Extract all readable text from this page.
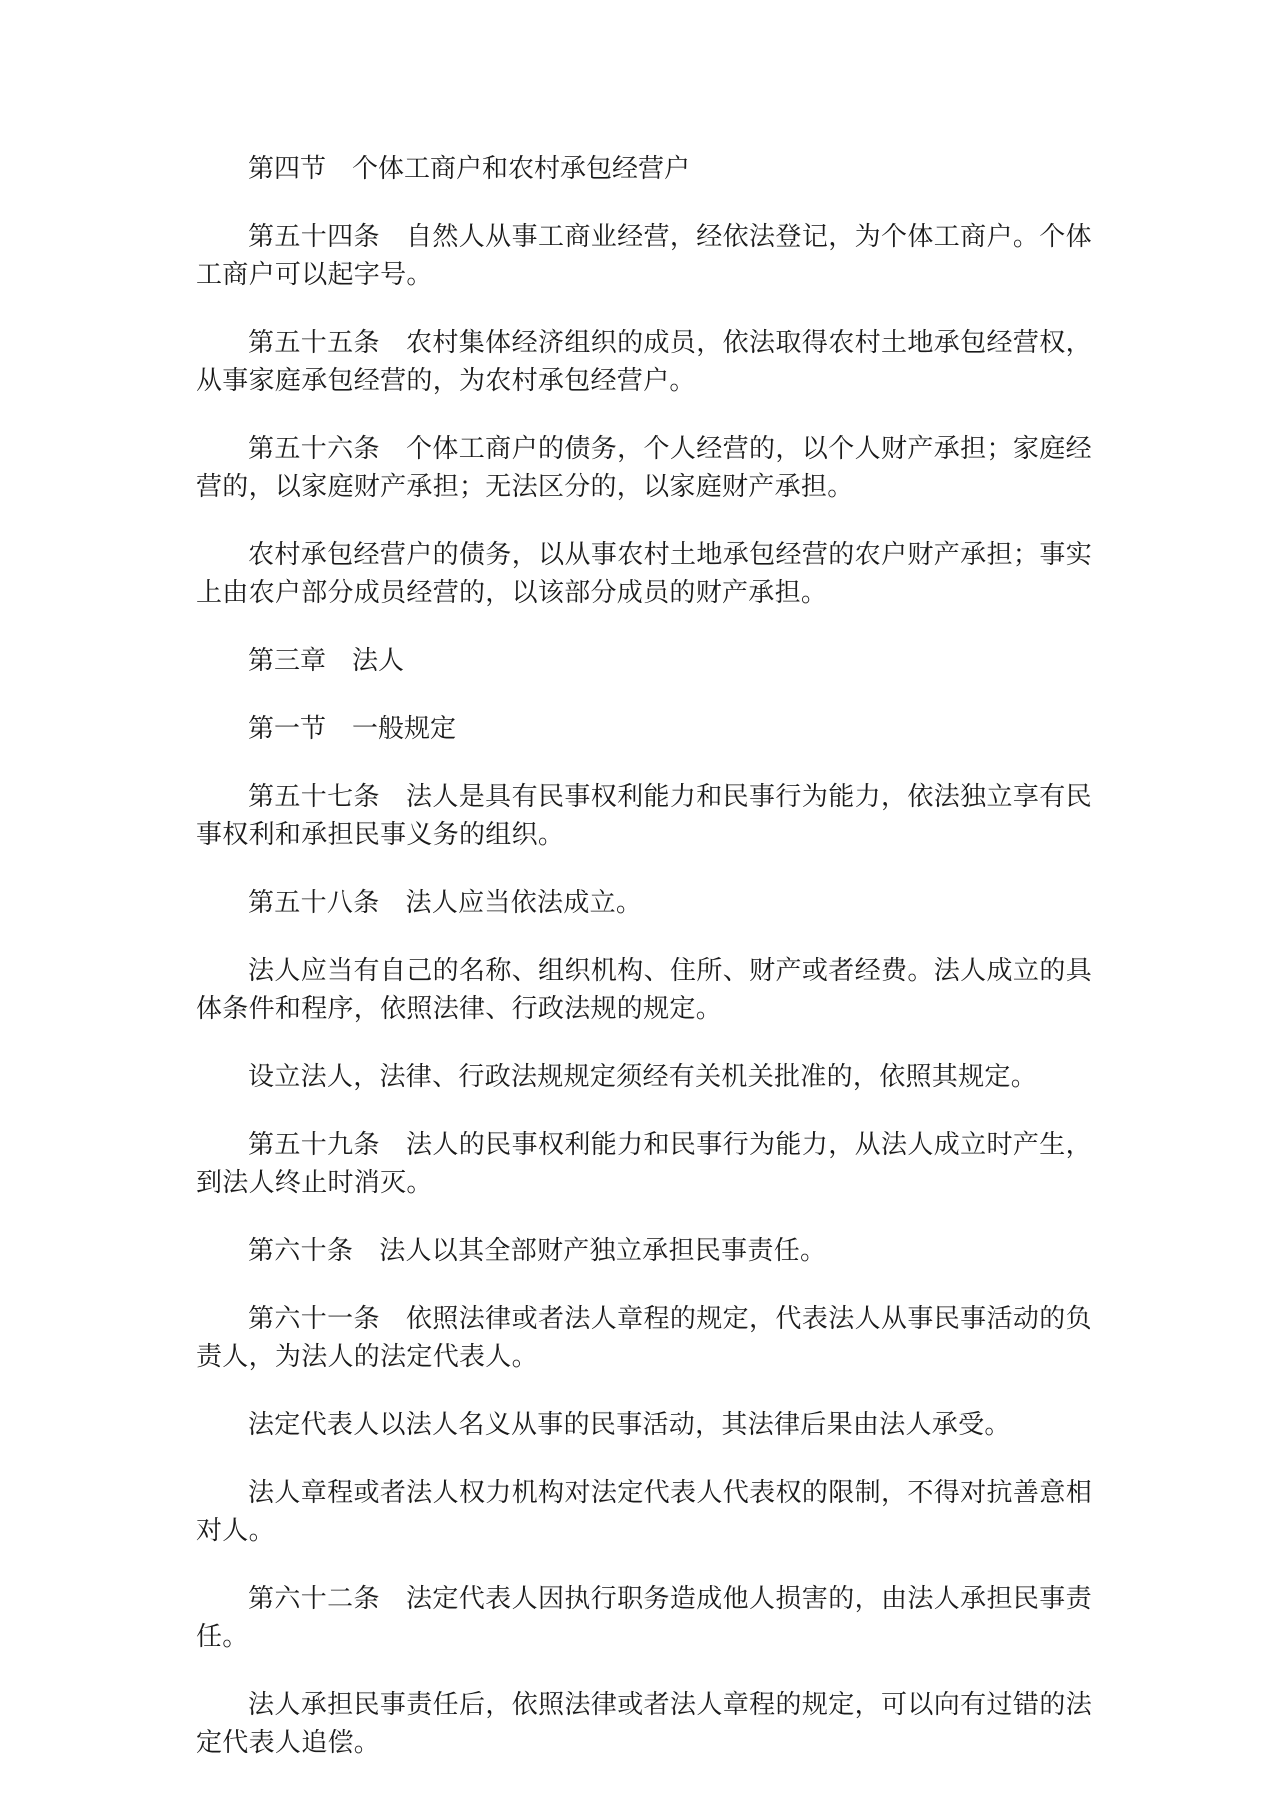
第四节 个体工商户和农村承包经营户

第五十四条 自然人从事工商业经营，经依法登记，为个体工商户。个体工商户可以起字号。

第五十五条 农村集体经济组织的成员，依法取得农村土地承包经营权，从事家庭承包经营的，为农村承包经营户。

第五十六条 个体工商户的债务，个人经营的，以个人财产承担；家庭经营的，以家庭财产承担；无法区分的，以家庭财产承担。

农村承包经营户的债务，以从事农村土地承包经营的农户财产承担；事实上由农户部分成员经营的，以该部分成员的财产承担。

第三章 法人

第一节 一般规定

第五十七条 法人是具有民事权利能力和民事行为能力，依法独立享有民事权利和承担民事义务的组织。

第五十八条 法人应当依法成立。

法人应当有自己的名称、组织机构、住所、财产或者经费。法人成立的具体条件和程序，依照法律、行政法规的规定。

设立法人，法律、行政法规规定须经有关机关批准的，依照其规定。

第五十九条 法人的民事权利能力和民事行为能力，从法人成立时产生，到法人终止时消灭。

第六十条 法人以其全部财产独立承担民事责任。

第六十一条 依照法律或者法人章程的规定，代表法人从事民事活动的负责人，为法人的法定代表人。

法定代表人以法人名义从事的民事活动，其法律后果由法人承受。

法人章程或者法人权力机构对法定代表人代表权的限制，不得对抗善意相对人。

第六十二条 法定代表人因执行职务造成他人损害的，由法人承担民事责任。

法人承担民事责任后，依照法律或者法人章程的规定，可以向有过错的法定代表人追偿。
